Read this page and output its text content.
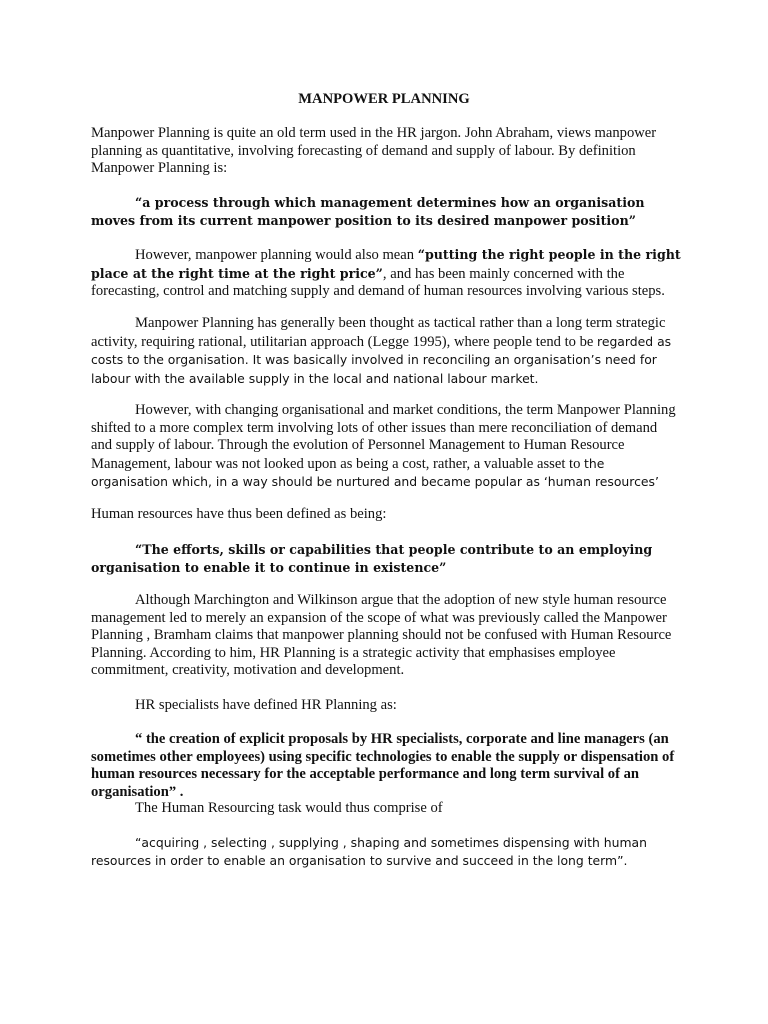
MANPOWER PLANNING

Manpower Planning is quite an old term used in the HR jargon. John Abraham, views manpower planning as quantitative, involving forecasting of demand and supply of labour. By definition Manpower Planning is:

“a process through which management determines how an organisation moves from its current manpower position to its desired manpower position”

However, manpower planning would also mean “putting the right people in the right place at the right time at the right price”, and has been mainly concerned with the forecasting, control and matching supply and demand of human resources involving various steps.

Manpower Planning has generally been thought as tactical rather than a long term strategic activity, requiring rational, utilitarian approach (Legge 1995), where people tend to be regarded as costs to the organisation. It was basically involved in reconciling an organisation’s need for labour with the available supply in the local and national labour market.

However, with changing organisational and market conditions, the term Manpower Planning shifted to a more complex term involving lots of other issues than mere reconciliation of demand and supply of labour. Through the evolution of Personnel Management to Human Resource Management, labour was not looked upon as being a cost, rather, a valuable asset to the organisation which, in a way should be nurtured and became popular as ‘human resources’

Human resources have thus been defined as being:

“The efforts, skills or capabilities that people contribute to an employing organisation to enable it to continue in existence”

Although Marchington and Wilkinson argue that the adoption of new style human resource management led to merely an expansion of the scope of what was previously called the Manpower Planning , Bramham claims that manpower planning should not be confused with Human Resource Planning. According to him, HR Planning is a strategic activity that emphasises employee commitment, creativity, motivation and development.

HR specialists have defined HR Planning as:

“ the creation of explicit proposals by HR specialists, corporate and line managers (an sometimes other employees) using specific technologies to enable the supply or dispensation of human resources necessary for the acceptable performance and long term survival of an organisation” .

The Human Resourcing task would thus comprise of

“acquiring , selecting , supplying , shaping and sometimes dispensing with human resources in order to enable an organisation to survive and succeed in the long term”.
